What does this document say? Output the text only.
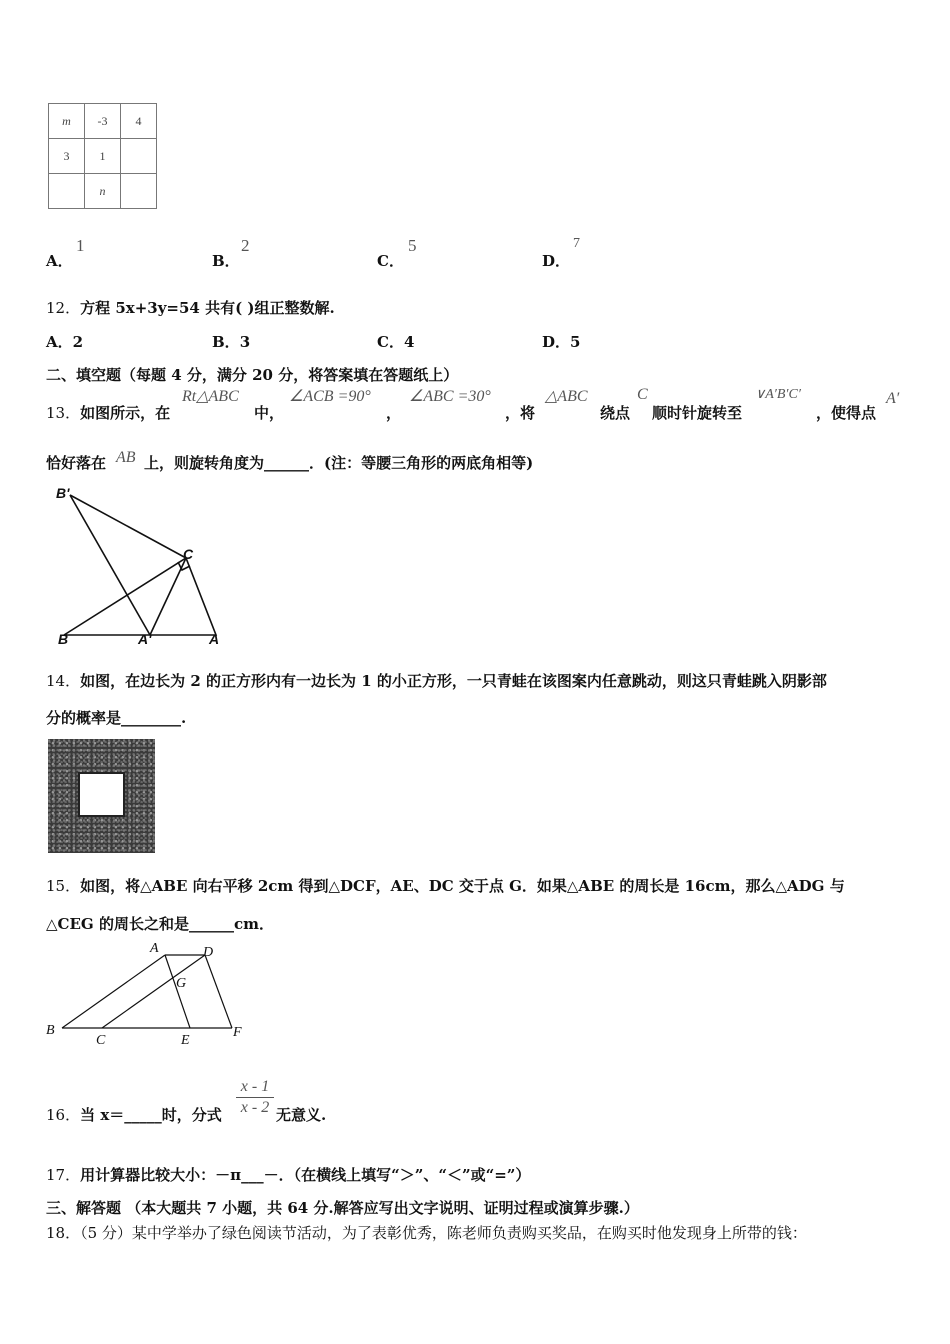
m	-3	4
3	1	
	n	
A．
1
B．
2
C．
5
D．
7
12．方程 5x+3y=54 共有( )组正整数解.
A．2	B．3	C．4	D．5
二、填空题（每题 4 分，满分 20 分，将答案填在答题纸上）
13．如图所示，在
Rt△ABC
中，
∠ACB =90°
，
∠ABC =30°
，将
△ABC
绕点
C
顺时针旋转至
∨A′B′C′
，使得点
A′
恰好落在 AB 上，则旋转角度为______．(注：等腰三角形的两底角相等)
B'
C
B	A'	A
14．如图，在边长为 2 的正方形内有一边长为 1 的小正方形，一只青蛙在该图案内任意跳动，则这只青蛙跳入阴影部
分的概率是________.
15．如图，将△ABE 向右平移 2cm 得到△DCF，AE、DC 交于点 G．如果△ABE 的周长是 16cm，那么△ADG 与
△CEG 的周长之和是______cm．
A	D
G
B
C	E
F
16．当 x＝_____时，分式
x - 1
x - 2 无意义.
17．用计算器比较大小：－π___－．（在横线上填写“＞”、“＜”或“=”）
三、解答题 （本大题共 7 小题，共 64 分.解答应写出文字说明、证明过程或演算步骤.）
18．（5 分）某中学举办了绿色阅读节活动，为了表彰优秀，陈老师负责购买奖品，在购买时他发现身上所带的钱：
